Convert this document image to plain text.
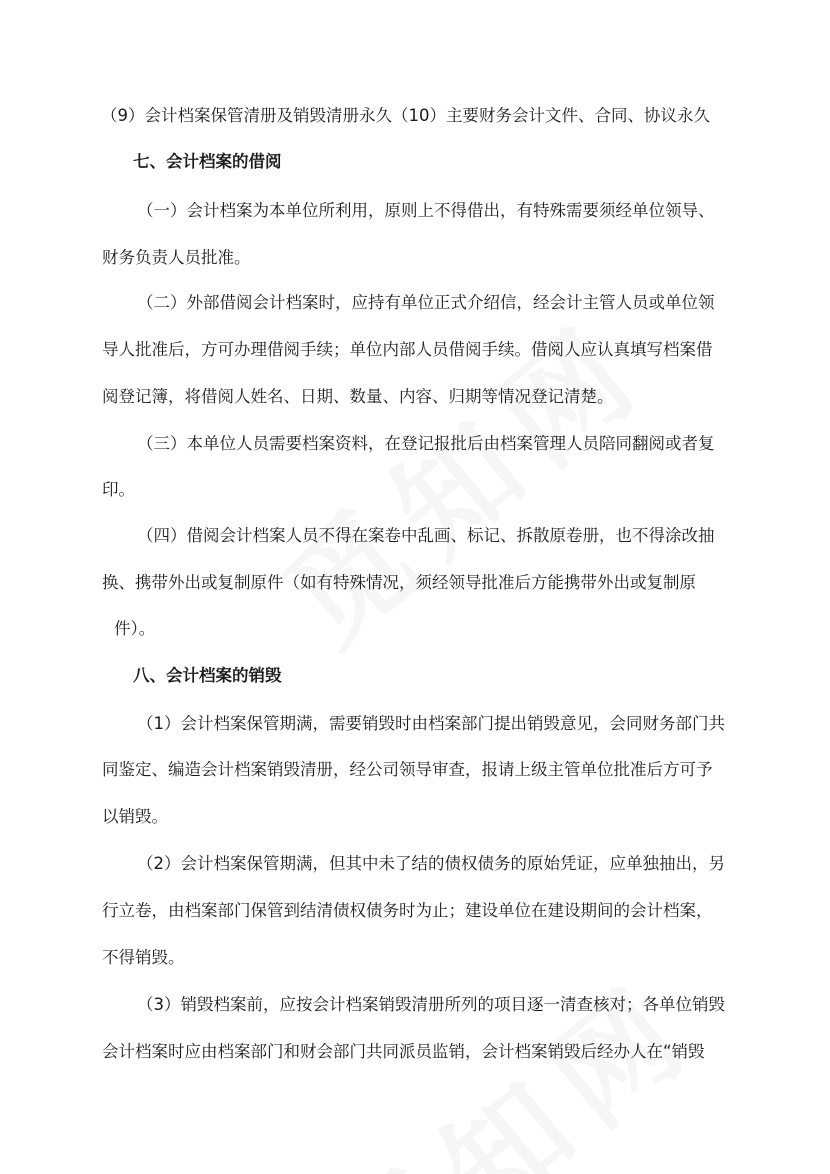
（9）会计档案保管清册及销毁清册永久（10）主要财务会计文件、合同、协议永久
七、会计档案的借阅
（一）会计档案为本单位所利用，原则上不得借出，有特殊需要须经单位领导、
财务负责人员批准。
（二）外部借阅会计档案时，应持有单位正式介绍信，经会计主管人员或单位领
导人批准后，方可办理借阅手续；单位内部人员借阅手续。借阅人应认真填写档案借
阅登记簿，将借阅人姓名、日期、数量、内容、归期等情况登记清楚。
（三）本单位人员需要档案资料，在登记报批后由档案管理人员陪同翻阅或者复
印。
（四）借阅会计档案人员不得在案卷中乱画、标记、拆散原卷册，也不得涂改抽
换、携带外出或复制原件（如有特殊情况，须经领导批准后方能携带外出或复制原
件）。
八、会计档案的销毁
（1）会计档案保管期满，需要销毁时由档案部门提出销毁意见，会同财务部门共
同鉴定、编造会计档案销毁清册，经公司领导审查，报请上级主管单位批准后方可予
以销毁。
（2）会计档案保管期满，但其中未了结的债权债务的原始凭证，应单独抽出，另
行立卷，由档案部门保管到结清债权债务时为止；建设单位在建设期间的会计档案，
不得销毁。
（3）销毁档案前，应按会计档案销毁清册所列的项目逐一清查核对；各单位销毁
会计档案时应由档案部门和财会部门共同派员监销，会计档案销毁后经办人在“销毁
